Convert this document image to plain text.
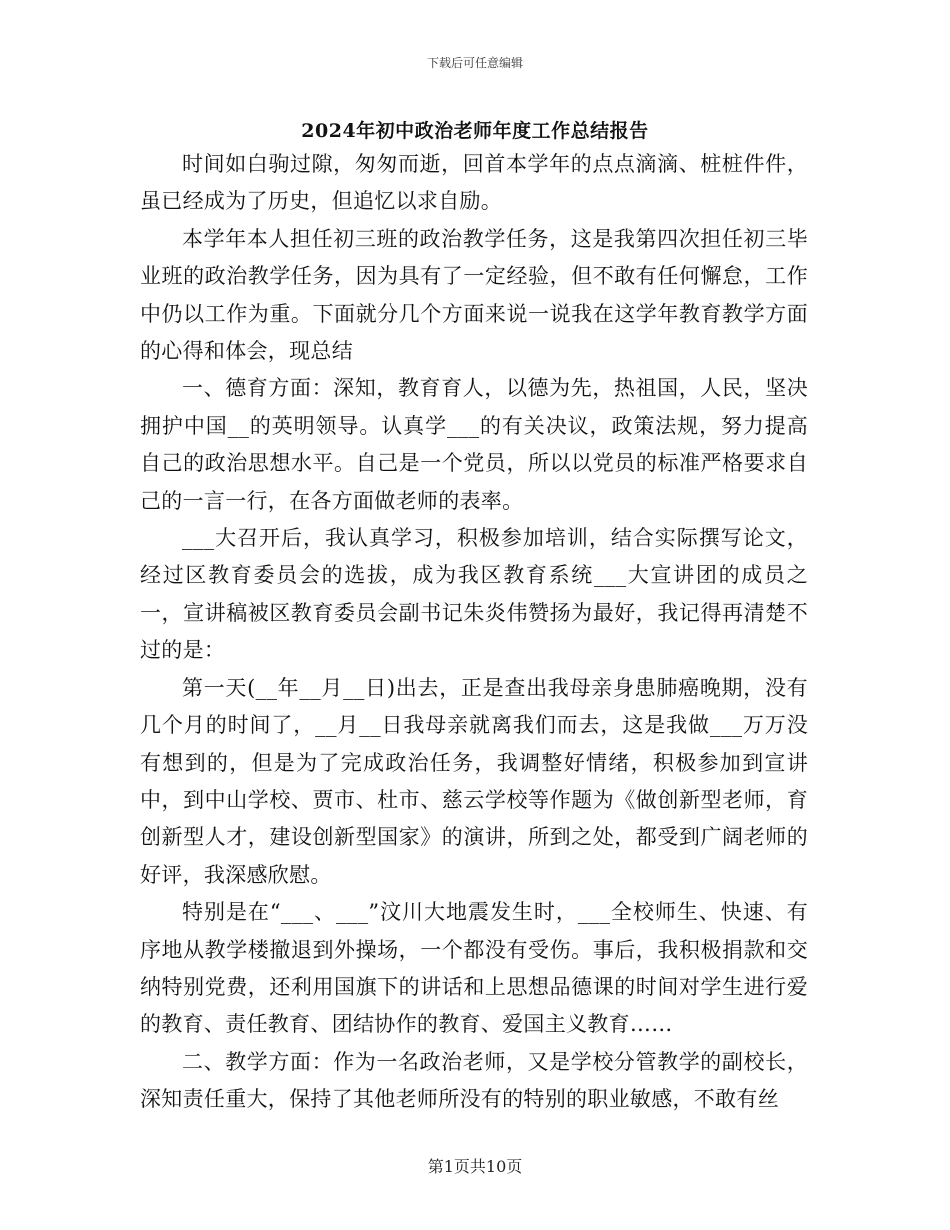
下载后可任意编辑
2024年初中政治老师年度工作总结报告

时间如白驹过隙，匆匆而逝，回首本学年的点点滴滴、桩桩件件，虽已经成为了历史，但追忆以求自励。

本学年本人担任初三班的政治教学任务，这是我第四次担任初三毕业班的政治教学任务，因为具有了一定经验，但不敢有任何懈怠，工作中仍以工作为重。下面就分几个方面来说一说我在这学年教育教学方面的心得和体会，现总结

一、德育方面：深知，教育育人，以德为先，热祖国，人民，坚决拥护中国__的英明领导。认真学___的有关决议，政策法规，努力提高自己的政治思想水平。自己是一个党员，所以以党员的标准严格要求自己的一言一行，在各方面做老师的表率。

___大召开后，我认真学习，积极参加培训，结合实际撰写论文，经过区教育委员会的选拔，成为我区教育系统___大宣讲团的成员之一，宣讲稿被区教育委员会副书记朱炎伟赞扬为最好，我记得再清楚不过的是：

第一天(__年__月__日)出去，正是查出我母亲身患肺癌晚期，没有几个月的时间了，__月__日我母亲就离我们而去，这是我做___万万没有想到的，但是为了完成政治任务，我调整好情绪，积极参加到宣讲中，到中山学校、贾市、杜市、慈云学校等作题为《做创新型老师，育创新型人才，建设创新型国家》的演讲，所到之处，都受到广阔老师的好评，我深感欣慰。

特别是在“___、___”汶川大地震发生时，___全校师生、快速、有序地从教学楼撤退到外操场，一个都没有受伤。事后，我积极捐款和交纳特别党费，还利用国旗下的讲话和上思想品德课的时间对学生进行爱的教育、责任教育、团结协作的教育、爱国主义教育……

二、教学方面：作为一名政治老师，又是学校分管教学的副校长，深知责任重大，保持了其他老师所没有的特别的职业敏感，不敢有丝

第1页共10页
